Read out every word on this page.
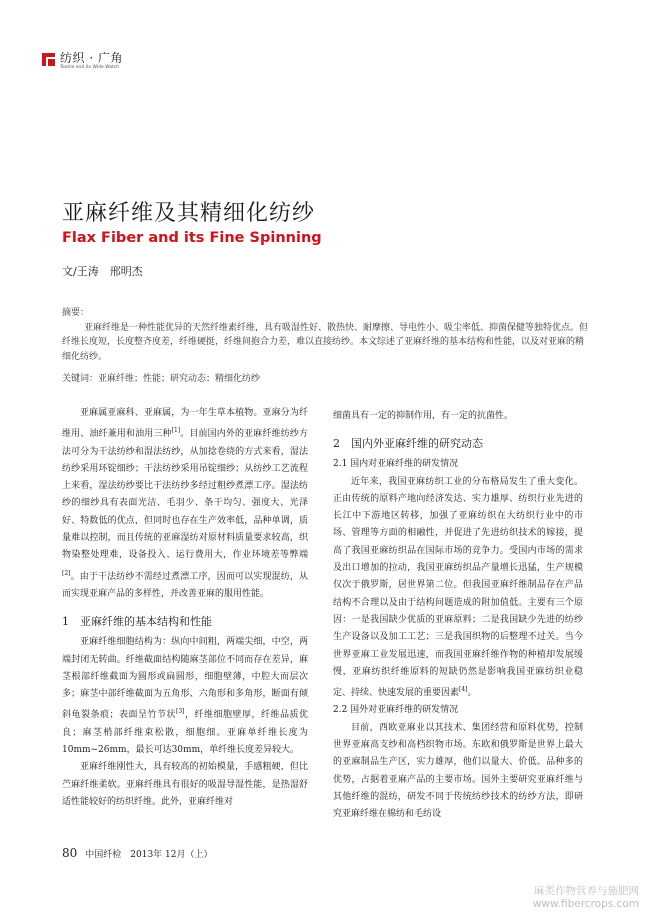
纺织 · 广角
Textile and its Wide Watch
亚麻纤维及其精细化纺纱
Flax Fiber and its Fine Spinning
文/王涛　邢明杰

摘要：

亚麻纤维是一种性能优异的天然纤维素纤维，具有吸湿性好、散热快、耐摩擦、导电性小、吸尘率低、抑菌保健等独特优点。但纤维长度短，长度整齐度差，纤维硬挺，纤维间抱合力差，难以直接纺纱。本文综述了亚麻纤维的基本结构和性能，以及对亚麻的精细化纺纱。

关键词：亚麻纤维；性能；研究动态；精细化纺纱

亚麻属亚麻科、亚麻属，为一年生草本植物。亚麻分为纤维用、油纤兼用和油用三种[1]。目前国内外的亚麻纤维纺纱方法可分为干法纺纱和湿法纺纱，从加捻卷绕的方式来看，湿法纺纱采用环锭细纱；干法纺纱采用吊锭细纱；从纺纱工艺流程上来看，湿法纺纱要比干法纺纱多经过粗纱煮漂工序。湿法纺纱的细纱具有表面光洁、毛羽少、条干均匀、强度大、光泽好、特数低的优点，但同时也存在生产效率低，品种单调，质量难以控制，而且传统的亚麻湿纺对原材料质量要求较高，织物染整处理难，设备投入、运行费用大，作业环境差等弊端[2]。由于干法纺纱不需经过煮漂工序，因而可以实现混纺，从而实现亚麻产品的多样性，并改善亚麻的服用性能。

1　亚麻纤维的基本结构和性能

亚麻纤维细胞结构为：纵向中间粗，两端尖细，中空，两端封闭无转曲。纤维截面结构随麻茎部位不同而存在差异，麻茎根部纤维截面为圆形或扁圆形，细胞壁薄，中腔大而层次多；麻茎中部纤维截面为五角形、六角形和多角形，断面有倾斜龟裂条痕；表面呈竹节状[3]，纤维细胞壁厚，纤维品质优良；麻茎梢部纤维束松散，细胞细。亚麻单纤维长度为10mm~26mm，最长可达30mm，单纤维长度差异较大。

亚麻纤维刚性大，具有较高的初始模量，手感粗硬，但比苎麻纤维柔软。亚麻纤维具有很好的吸湿导湿性能，是热湿舒适性能较好的纺织纤维。此外，亚麻纤维对

细菌具有一定的抑制作用，有一定的抗菌性。

2　国内外亚麻纤维的研究动态

2.1 国内对亚麻纤维的研发情况

近年来，我国亚麻纺织工业的分布格局发生了重大变化。正由传统的原料产地向经济发达、实力雄厚、纺织行业先进的长江中下游地区转移，加强了亚麻纺织在大纺织行业中的市场、管理等方面的相融性，并促进了先进纺织技术的嫁接，提高了我国亚麻纺织品在国际市场的竞争力。受国内市场的需求及出口增加的拉动，我国亚麻纺织品产量增长迅猛，生产规模仅次于俄罗斯，居世界第二位。但我国亚麻纤维制品存在产品结构不合理以及由于结构问题造成的附加值低。主要有三个原因：一是我国缺少优质的亚麻原料；二是我国缺少先进的纺纱生产设备以及加工工艺；三是我国织物的后整理不过关。当今世界亚麻工业发展迅速，而我国亚麻纤维作物的种植却发展缓慢，亚麻纺织纤维原料的短缺仍然是影响我国亚麻纺织业稳定、持续、快速发展的重要因素[4]。

2.2 国外对亚麻纤维的研发情况

目前，西欧亚麻业以其技术、集团经营和原料优势，控制世界亚麻高支纱和高档织物市场。东欧和俄罗斯是世界上最大的亚麻制品生产区，实力雄厚，他们以量大、价低、品种多的优势，占据着亚麻产品的主要市场。国外主要研究亚麻纤维与其他纤维的混纺，研发不同于传统纺纱技术的纺纱方法，即研究亚麻纤维在棉纺和毛纺设

80 中国纤检　2013年 12月（上）
麻类作物营养与施肥网
www.fibercrops.com
